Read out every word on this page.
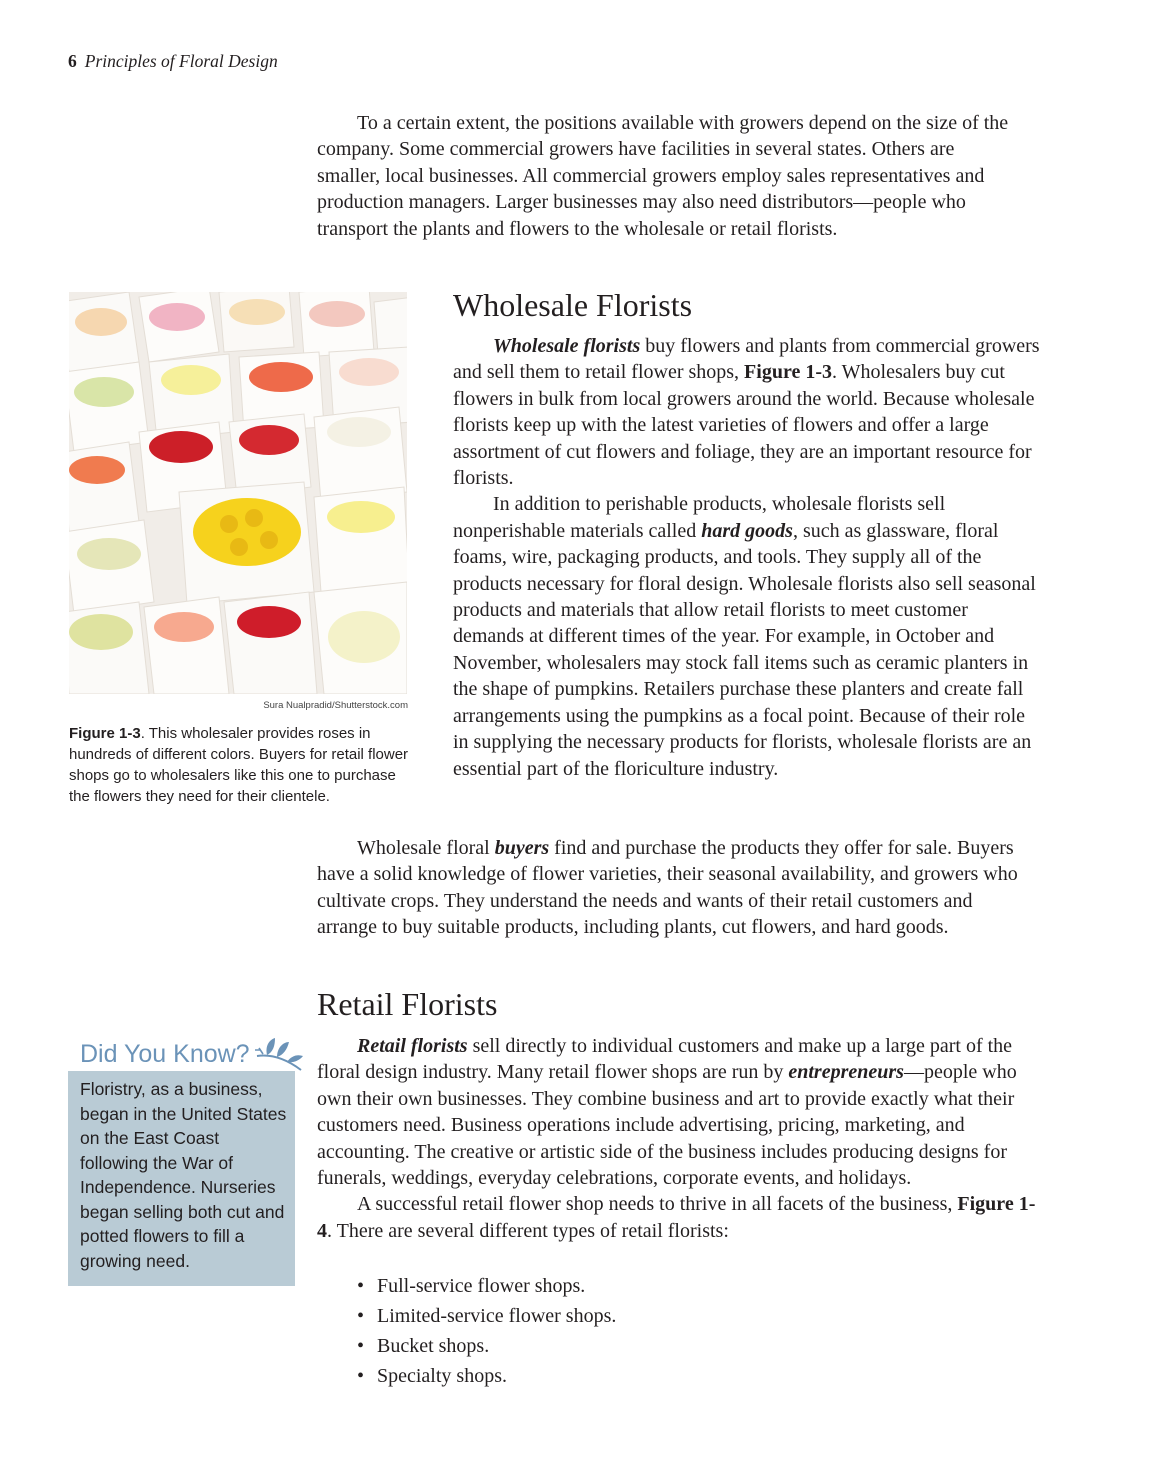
6 Principles of Floral Design

To a certain extent, the positions available with growers depend on the size of the company. Some commercial growers have facilities in several states. Others are smaller, local businesses. All commercial growers employ sales representatives and production managers. Larger businesses may also need distributors—people who transport the plants and flowers to the wholesale or retail florists.

Wholesale Florists

Wholesale florists buy flowers and plants from commercial growers and sell them to retail flower shops, Figure 1-3. Wholesalers buy cut flowers in bulk from local growers around the world. Because wholesale florists keep up with the latest varieties of flowers and offer a large assortment of cut flowers and foliage, they are an important resource for florists.

In addition to perishable products, wholesale florists sell nonperishable materials called hard goods, such as glassware, floral foams, wire, packaging products, and tools. They supply all of the products necessary for floral design. Wholesale florists also sell seasonal products and materials that allow retail florists to meet customer demands at different times of the year. For example, in October and November, wholesalers may stock fall items such as ceramic planters in the shape of pumpkins. Retailers purchase these planters and create fall arrangements using the pumpkins as a focal point. Because of their role in supplying the necessary products for florists, wholesale florists are an essential part of the floriculture industry.

Wholesale floral buyers find and purchase the products they offer for sale. Buyers have a solid knowledge of flower varieties, their seasonal availability, and growers who cultivate crops. They understand the needs and wants of their retail customers and arrange to buy suitable products, including plants, cut flowers, and hard goods.

Sura Nualpradid/Shutterstock.com
Figure 1-3. This wholesaler provides roses in hundreds of different colors. Buyers for retail flower shops go to wholesalers like this one to purchase the flowers they need for their clientele.
Retail Florists
Did You Know?
Floristry, as a business, began in the United States on the East Coast following the War of Independence. Nurseries began selling both cut and potted flowers to fill a growing need.

Retail florists sell directly to individual customers and make up a large part of the floral design industry. Many retail flower shops are run by entrepreneurs—people who own their own businesses. They combine business and art to provide exactly what their customers need. Business operations include advertising, pricing, marketing, and accounting. The creative or artistic side of the business includes producing designs for funerals, weddings, everyday celebrations, corporate events, and holidays.

A successful retail flower shop needs to thrive in all facets of the business, Figure 1-4. There are several different types of retail florists:

• Full-service flower shops.
• Limited-service flower shops.
• Bucket shops.
• Specialty shops.
